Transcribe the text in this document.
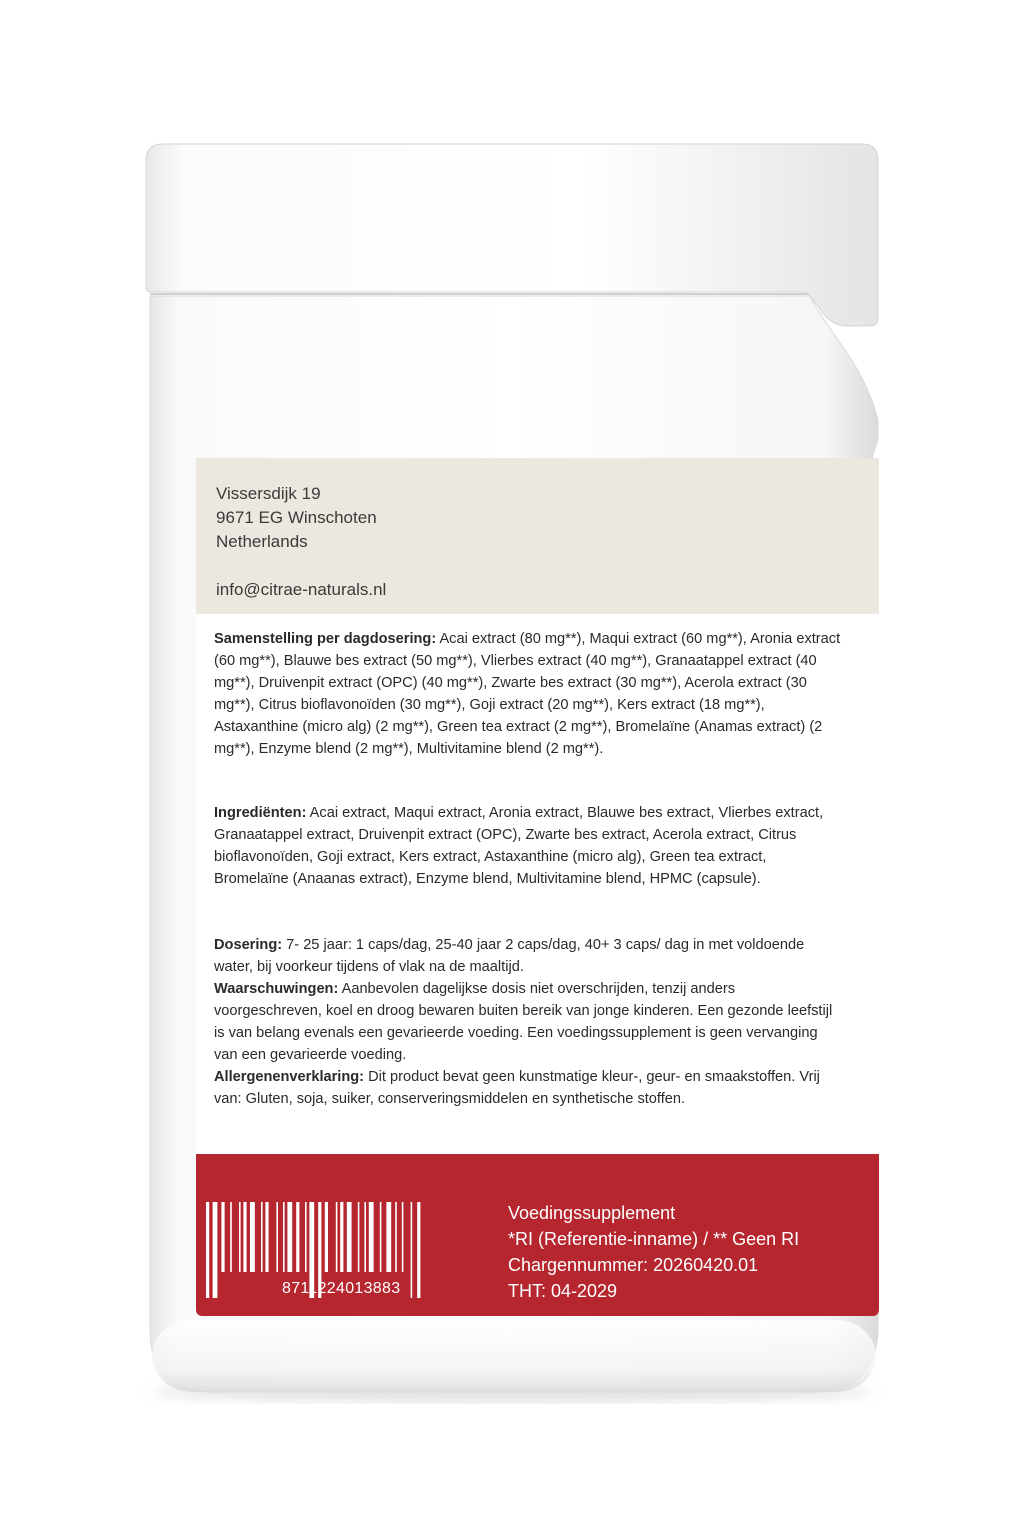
Vissersdijk 19
9671 EG Winschoten
Netherlands
info@citrae-naturals.nl
Samenstelling per dagdosering: Acai extract (80 mg**), Maqui extract (60 mg**), Aronia extract (60 mg**), Blauwe bes extract (50 mg**), Vlierbes extract (40 mg**), Granaatappel extract (40 mg**), Druivenpit extract (OPC) (40 mg**), Zwarte bes extract (30 mg**), Acerola extract (30 mg**), Citrus bioflavonoïden (30 mg**), Goji extract (20 mg**), Kers extract (18 mg**), Astaxanthine (micro alg) (2 mg**), Green tea extract (2 mg**), Bromelaïne (Anamas extract) (2 mg**), Enzyme blend (2 mg**), Multivitamine blend (2 mg**).
Ingrediënten: Acai extract, Maqui extract, Aronia extract, Blauwe bes extract, Vlierbes extract, Granaatappel extract, Druivenpit extract (OPC), Zwarte bes extract, Acerola extract, Citrus bioflavonoïden, Goji extract, Kers extract, Astaxanthine (micro alg), Green tea extract, Bromelaïne (Anaanas extract), Enzyme blend, Multivitamine blend, HPMC (capsule).
Dosering: 7- 25 jaar: 1 caps/dag, 25-40 jaar 2 caps/dag, 40+ 3 caps/ dag in met voldoende water, bij voorkeur tijdens of vlak na de maaltijd.
Waarschuwingen: Aanbevolen dagelijkse dosis niet overschrijden, tenzij anders voorgeschreven, koel en droog bewaren buiten bereik van jonge kinderen. Een gezonde leefstijl is van belang evenals een gevarieerde voeding. Een voedingssupplement is geen vervanging van een gevarieerde voeding.
Allergenenverklaring: Dit product bevat geen kunstmatige kleur-, geur- en smaakstoffen. Vrij van: Gluten, soja, suiker, conserveringsmiddelen en synthetische stoffen.
8711224013883
Voedingssupplement
*RI (Referentie-inname) / ** Geen RI
Chargennummer: 20260420.01
THT: 04-2029
